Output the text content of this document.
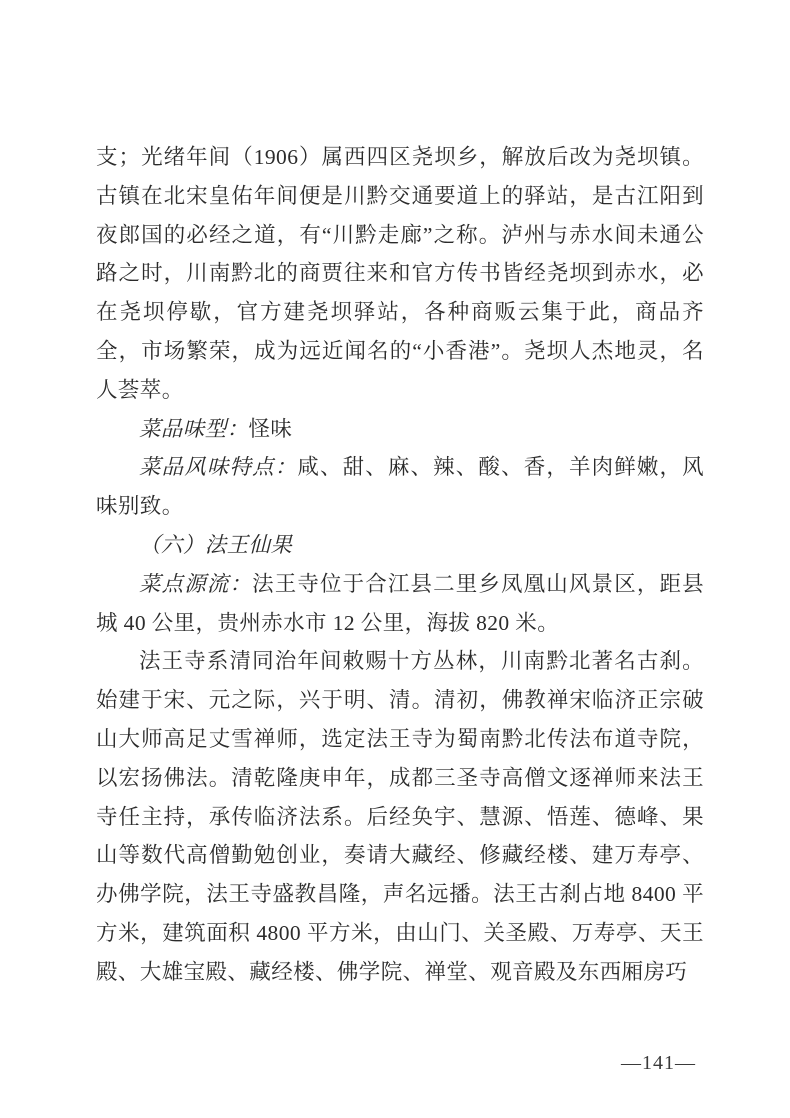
支；光绪年间（1906）属西四区尧坝乡，解放后改为尧坝镇。古镇在北宋皇佑年间便是川黔交通要道上的驿站，是古江阳到夜郎国的必经之道，有“川黔走廊”之称。泸州与赤水间未通公路之时，川南黔北的商贾往来和官方传书皆经尧坝到赤水，必在尧坝停歇，官方建尧坝驿站，各种商贩云集于此，商品齐全，市场繁荣，成为远近闻名的“小香港”。尧坝人杰地灵，名人荟萃。

菜品味型：怪味

菜品风味特点：咸、甜、麻、辣、酸、香，羊肉鲜嫩，风味别致。

（六）法王仙果

菜点源流：法王寺位于合江县二里乡凤凰山风景区，距县城 40 公里，贵州赤水市 12 公里，海拔 820 米。

法王寺系清同治年间敕赐十方丛林，川南黔北著名古刹。始建于宋、元之际，兴于明、清。清初，佛教禅宋临济正宗破山大师高足丈雪禅师，选定法王寺为蜀南黔北传法布道寺院，以宏扬佛法。清乾隆庚申年，成都三圣寺高僧文逐禅师来法王寺任主持，承传临济法系。后经奂宇、慧源、悟莲、德峰、果山等数代高僧勤勉创业，奏请大藏经、修藏经楼、建万寿亭、办佛学院，法王寺盛教昌隆，声名远播。法王古刹占地 8400 平方米，建筑面积 4800 平方米，由山门、关圣殿、万寿亭、天王殿、大雄宝殿、藏经楼、佛学院、禅堂、观音殿及东西厢房巧

—141—
